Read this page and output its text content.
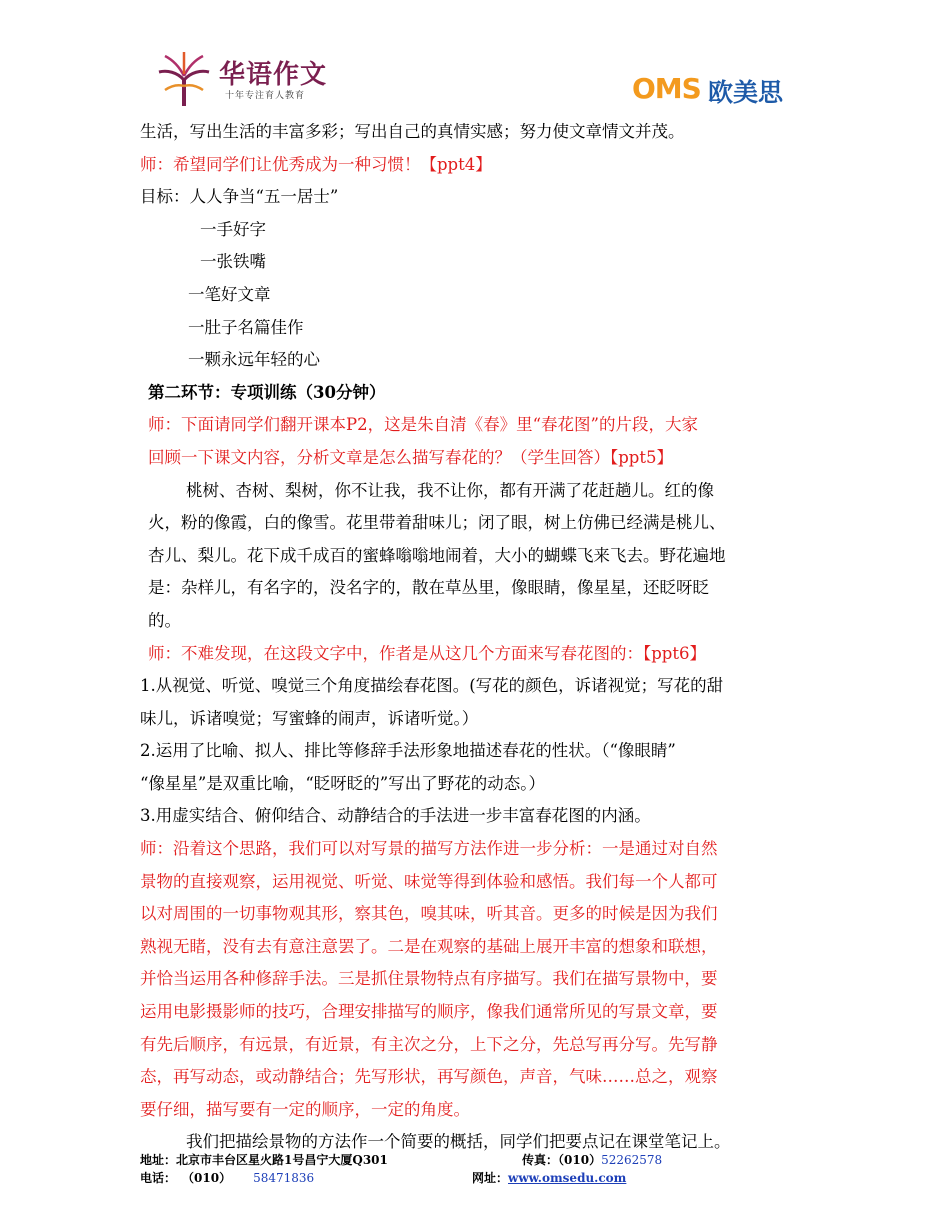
华语作文
十年专注育人教育	OMS 欧美思

生活，写出生活的丰富多彩；写出自己的真情实感；努力使文章情文并茂。

师：希望同学们让优秀成为一种习惯！【ppt4】

目标：人人争当“五一居士”

一手好字

一张铁嘴

一笔好文章

一肚子名篇佳作

一颗永远年轻的心

第二环节：专项训练（30分钟）

师：下面请同学们翻开课本P2，这是朱自清《春》里“春花图”的片段，大家

回顾一下课文内容，分析文章是怎么描写春花的？（学生回答）【ppt5】

桃树、杏树、梨树，你不让我，我不让你，都有开满了花赶趟儿。红的像

火，粉的像霞，白的像雪。花里带着甜味儿；闭了眼，树上仿佛已经满是桃儿、

杏儿、梨儿。花下成千成百的蜜蜂嗡嗡地闹着，大小的蝴蝶飞来飞去。野花遍地

是：杂样儿，有名字的，没名字的，散在草丛里，像眼睛，像星星，还眨呀眨

的。

师：不难发现，在这段文字中，作者是从这几个方面来写春花图的：【ppt6】

1.从视觉、听觉、嗅觉三个角度描绘春花图。(写花的颜色，诉诸视觉；写花的甜

味儿，诉诸嗅觉；写蜜蜂的闹声，诉诸听觉。）

2.运用了比喻、拟人、排比等修辞手法形象地描述春花的性状。（“像眼睛”

“像星星”是双重比喻，“眨呀眨的”写出了野花的动态。）

3.用虚实结合、俯仰结合、动静结合的手法进一步丰富春花图的内涵。

师：沿着这个思路，我们可以对写景的描写方法作进一步分析：一是通过对自然

景物的直接观察，运用视觉、听觉、味觉等得到体验和感悟。我们每一个人都可

以对周围的一切事物观其形，察其色，嗅其味，听其音。更多的时候是因为我们

熟视无睹，没有去有意注意罢了。二是在观察的基础上展开丰富的想象和联想，

并恰当运用各种修辞手法。三是抓住景物特点有序描写。我们在描写景物中，要

运用电影摄影师的技巧，合理安排描写的顺序，像我们通常所见的写景文章，要

有先后顺序，有远景，有近景，有主次之分，上下之分，先总写再分写。先写静

态，再写动态，或动静结合；先写形状，再写颜色，声音，气味……总之，观察

要仔细，描写要有一定的顺序，一定的角度。

我们把描绘景物的方法作一个简要的概括，同学们把要点记在课堂笔记上。

地址：北京市丰台区星火路1号昌宁大厦Q301	传真：（010）52262578
电话： （010） 58471836	网址：www.omsedu.com
